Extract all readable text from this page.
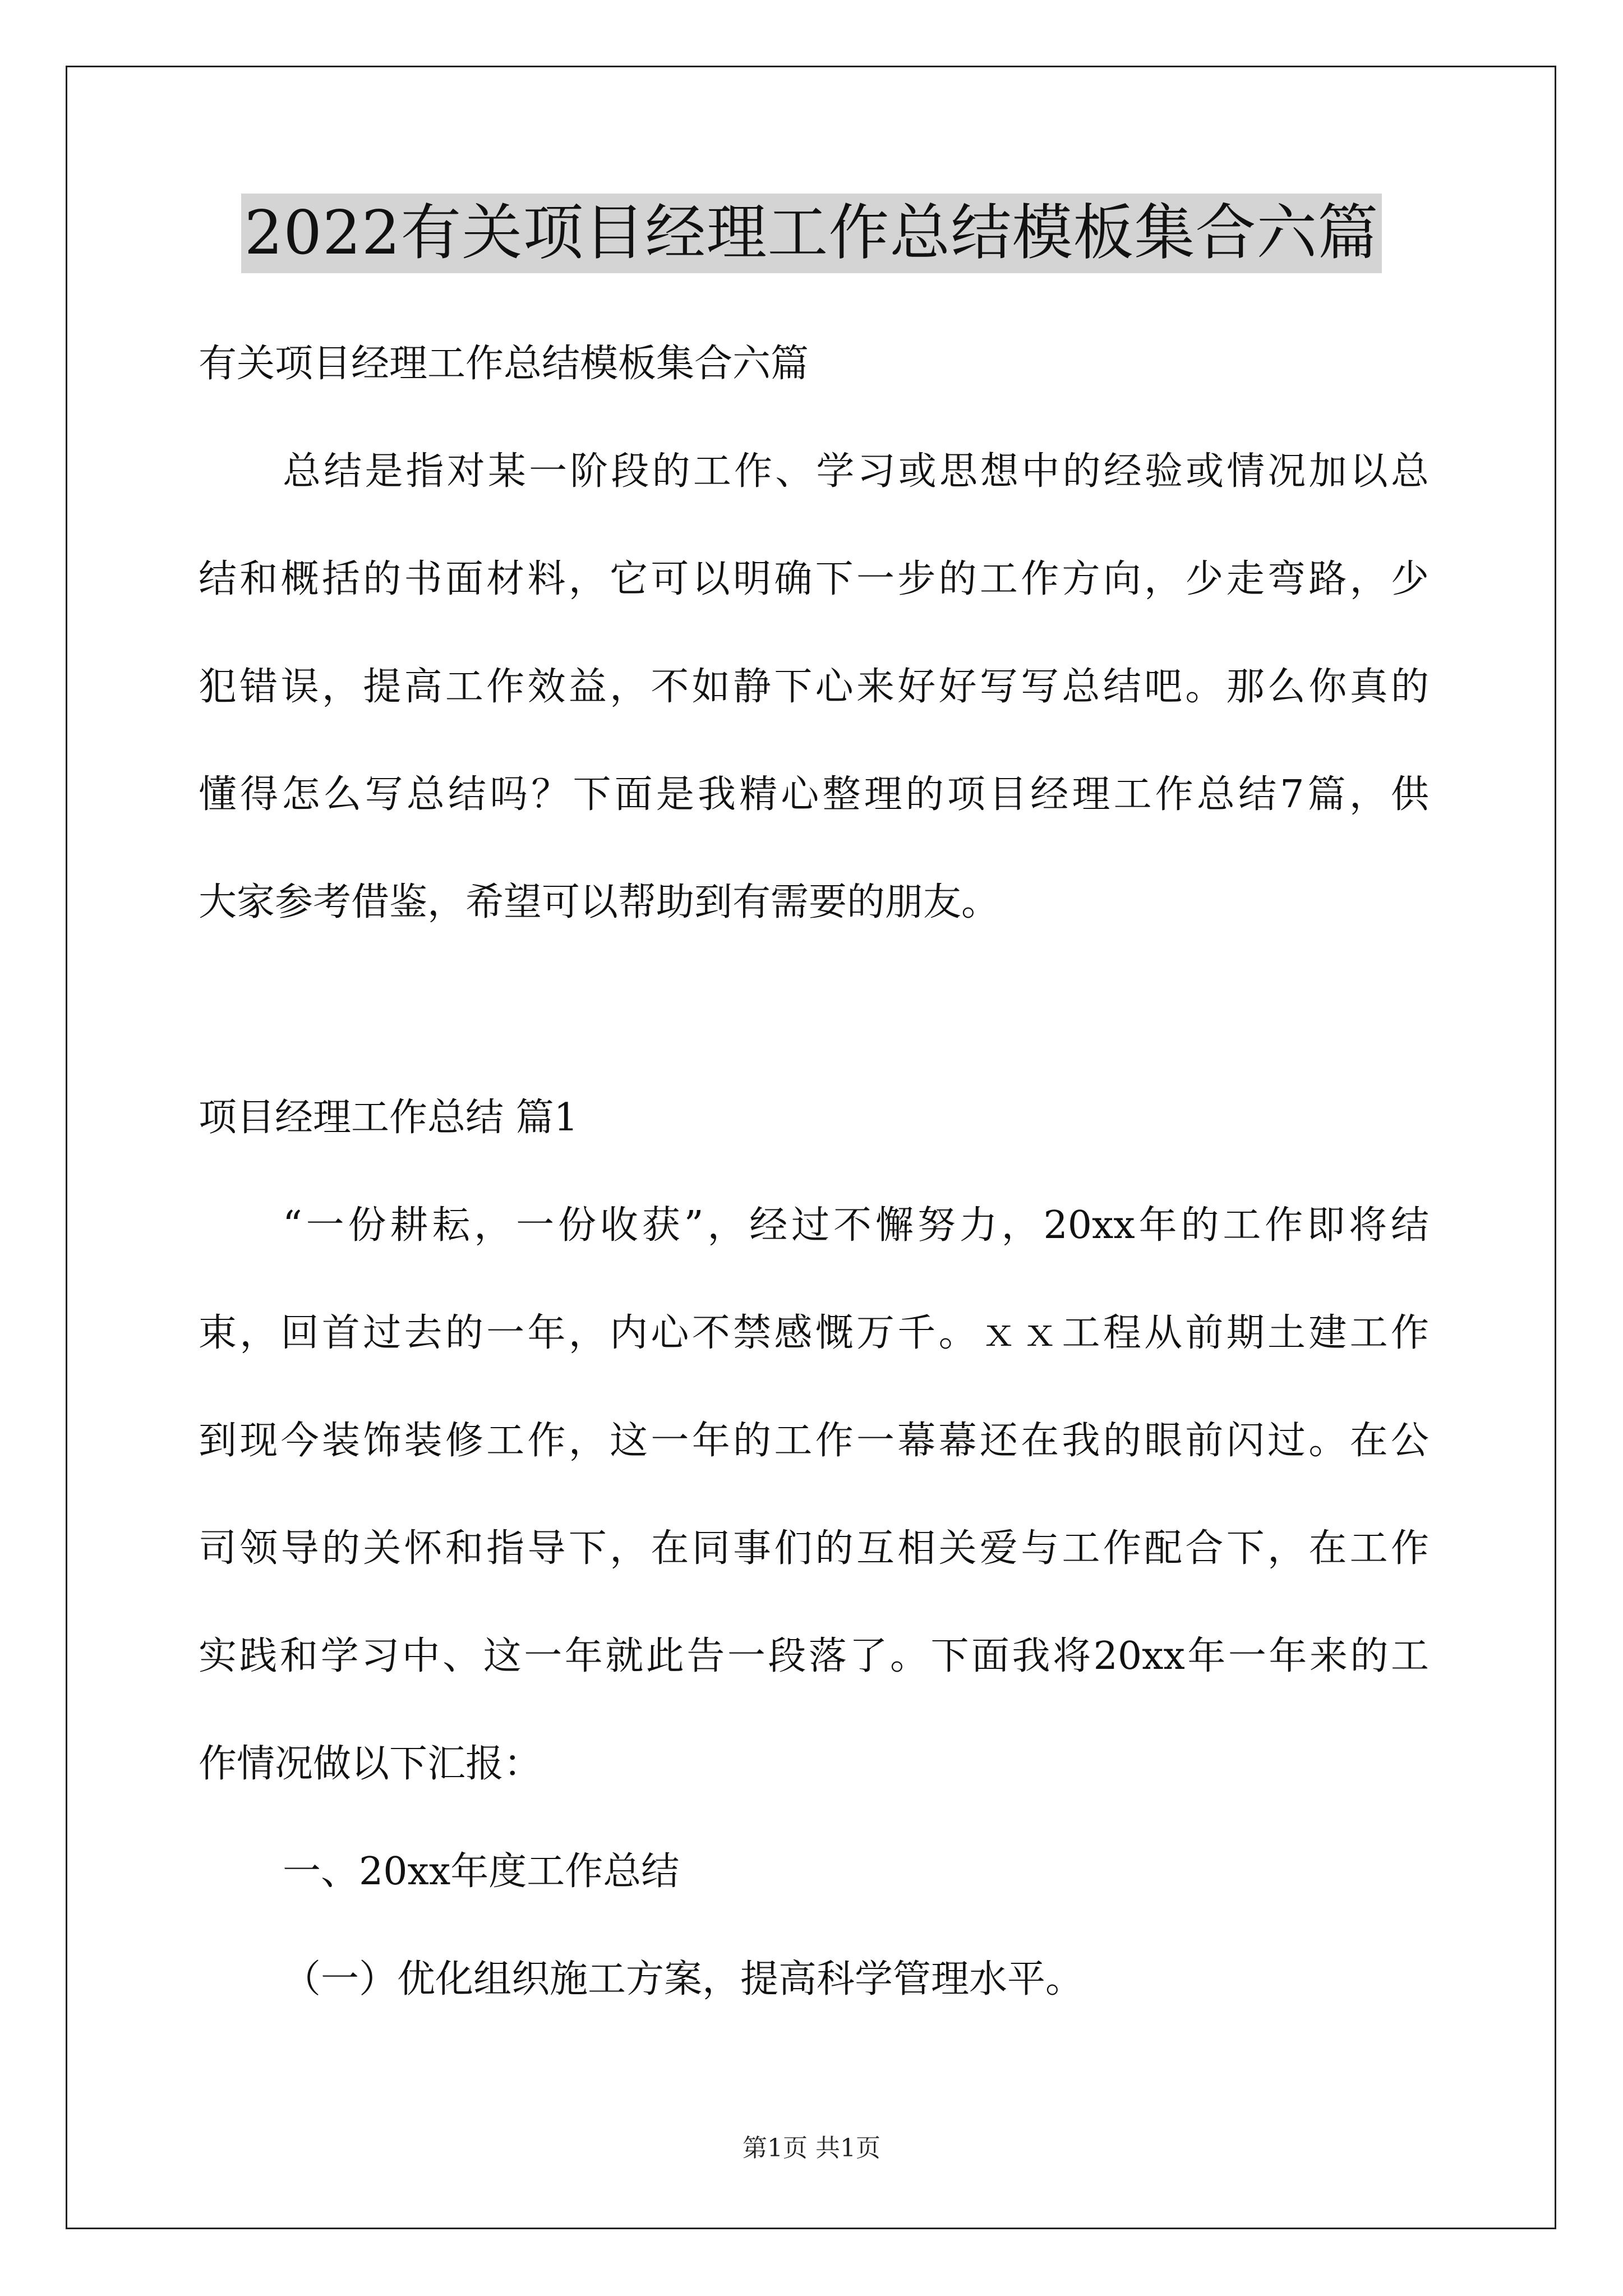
2022有关项目经理工作总结模板集合六篇
有关项目经理工作总结模板集合六篇
总结是指对某一阶段的工作、学习或思想中的经验或情况加以总
结和概括的书面材料，它可以明确下一步的工作方向，少走弯路，少
犯错误，提高工作效益，不如静下心来好好写写总结吧。那么你真的
懂得怎么写总结吗？下面是我精心整理的项目经理工作总结7篇，供
大家参考借鉴，希望可以帮助到有需要的朋友。
项目经理工作总结 篇1
“一份耕耘，一份收获”，经过不懈努力，20xx年的工作即将结
束，回首过去的一年，内心不禁感慨万千。ｘｘ工程从前期土建工作
到现今装饰装修工作，这一年的工作一幕幕还在我的眼前闪过。在公
司领导的关怀和指导下，在同事们的互相关爱与工作配合下，在工作
实践和学习中、这一年就此告一段落了。下面我将20xx年一年来的工
作情况做以下汇报：
一、20xx年度工作总结
（一）优化组织施工方案，提高科学管理水平。
第1页 共1页
